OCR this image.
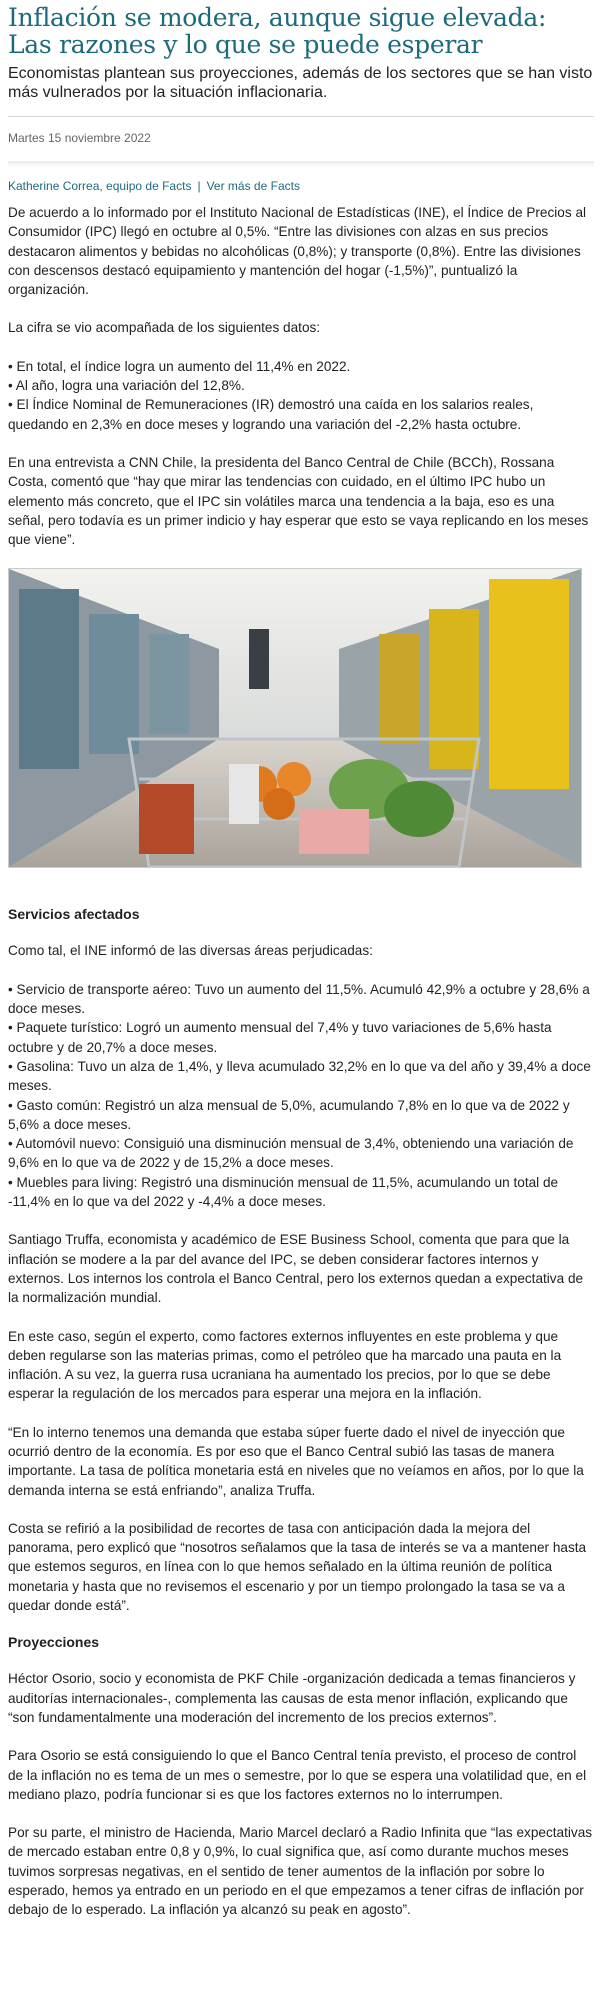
Inflación se modera, aunque sigue elevada:
Las razones y lo que se puede esperar
Economistas plantean sus proyecciones, además de los sectores que se han visto más vulnerados por la situación inflacionaria.
Martes 15 noviembre 2022
Katherine Correa, equipo de Facts | Ver más de Facts

De acuerdo a lo informado por el Instituto Nacional de Estadísticas (INE), el Índice de Precios al Consumidor (IPC) llegó en octubre al 0,5%. “Entre las divisiones con alzas en sus precios destacaron alimentos y bebidas no alcohólicas (0,8%); y transporte (0,8%). Entre las divisiones con descensos destacó equipamiento y mantención del hogar (-1,5%)”, puntualizó la organización.

La cifra se vio acompañada de los siguientes datos:

• En total, el índice logra un aumento del 11,4% en 2022.
• Al año, logra una variación del 12,8%.
• El Índice Nominal de Remuneraciones (IR) demostró una caída en los salarios reales, quedando en 2,3% en doce meses y logrando una variación del -2,2% hasta octubre.

En una entrevista a CNN Chile, la presidenta del Banco Central de Chile (BCCh), Rossana Costa, comentó que “hay que mirar las tendencias con cuidado, en el último IPC hubo un elemento más concreto, que el IPC sin volátiles marca una tendencia a la baja, eso es una señal, pero todavía es un primer indicio y hay esperar que esto se vaya replicando en los meses que viene”.

Servicios afectados

Como tal, el INE informó de las diversas áreas perjudicadas:

• Servicio de transporte aéreo: Tuvo un aumento del 11,5%. Acumuló 42,9% a octubre y 28,6% a doce meses.
• Paquete turístico: Logró un aumento mensual del 7,4% y tuvo variaciones de 5,6% hasta octubre y de 20,7% a doce meses.
• Gasolina: Tuvo un alza de 1,4%, y lleva acumulado 32,2% en lo que va del año y 39,4% a doce meses.
• Gasto común: Registró un alza mensual de 5,0%, acumulando 7,8% en lo que va de 2022 y 5,6% a doce meses.
• Automóvil nuevo: Consiguió una disminución mensual de 3,4%, obteniendo una variación de 9,6% en lo que va de 2022 y de 15,2% a doce meses.
• Muebles para living: Registró una disminución mensual de 11,5%, acumulando un total de -11,4% en lo que va del 2022 y -4,4% a doce meses.

Santiago Truffa, economista y académico de ESE Business School, comenta que para que la inflación se modere a la par del avance del IPC, se deben considerar factores internos y externos. Los internos los controla el Banco Central, pero los externos quedan a expectativa de la normalización mundial.

En este caso, según el experto, como factores externos influyentes en este problema y que deben regularse son las materias primas, como el petróleo que ha marcado una pauta en la inflación. A su vez, la guerra rusa ucraniana ha aumentado los precios, por lo que se debe esperar la regulación de los mercados para esperar una mejora en la inflación.

“En lo interno tenemos una demanda que estaba súper fuerte dado el nivel de inyección que ocurrió dentro de la economía. Es por eso que el Banco Central subió las tasas de manera importante. La tasa de política monetaria está en niveles que no veíamos en años, por lo que la demanda interna se está enfriando”, analiza Truffa.

Costa se refirió a la posibilidad de recortes de tasa con anticipación dada la mejora del panorama, pero explicó que “nosotros señalamos que la tasa de interés se va a mantener hasta que estemos seguros, en línea con lo que hemos señalado en la última reunión de política monetaria y hasta que no revisemos el escenario y por un tiempo prolongado la tasa se va a quedar donde está”.

Proyecciones

Héctor Osorio, socio y economista de PKF Chile -organización dedicada a temas financieros y auditorías internacionales-, complementa las causas de esta menor inflación, explicando que “son fundamentalmente una moderación del incremento de los precios externos”.

Para Osorio se está consiguiendo lo que el Banco Central tenía previsto, el proceso de control de la inflación no es tema de un mes o semestre, por lo que se espera una volatilidad que, en el mediano plazo, podría funcionar si es que los factores externos no lo interrumpen.

Por su parte, el ministro de Hacienda, Mario Marcel declaró a Radio Infinita que “las expectativas de mercado estaban entre 0,8 y 0,9%, lo cual significa que, así como durante muchos meses tuvimos sorpresas negativas, en el sentido de tener aumentos de la inflación por sobre lo esperado, hemos ya entrado en un periodo en el que empezamos a tener cifras de inflación por debajo de lo esperado. La inflación ya alcanzó su peak en agosto”.
